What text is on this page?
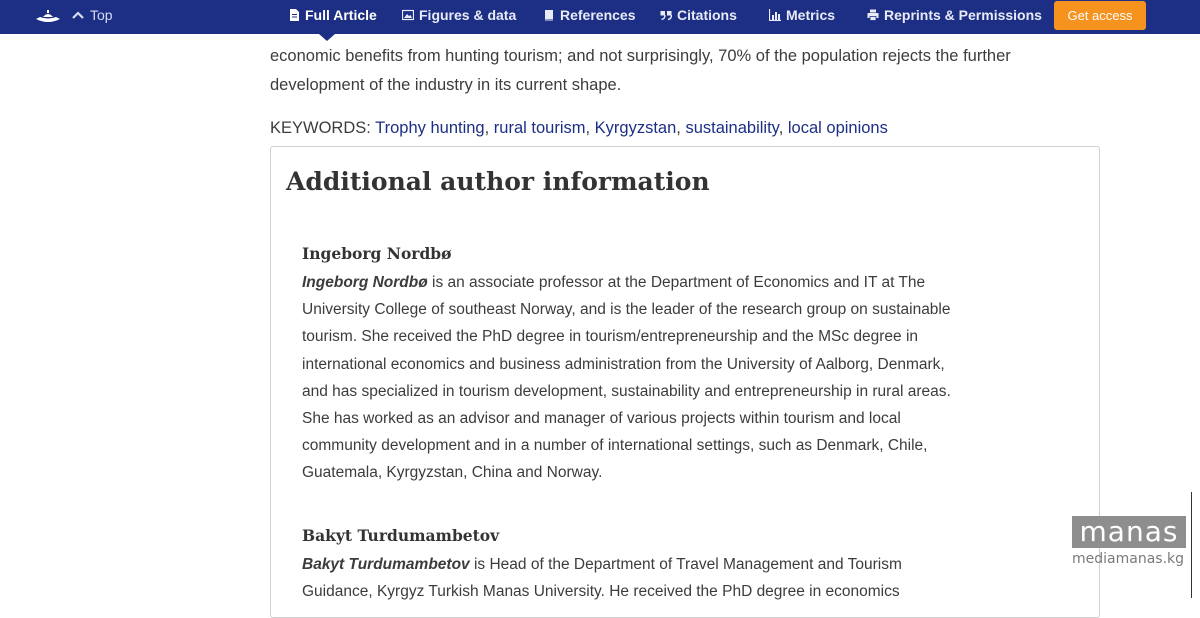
Top	Full Article	Figures & data	References	Citations	Metrics	Reprints & Permissions	Get access

economic benefits from hunting tourism; and not surprisingly, 70% of the population rejects the further development of the industry in its current shape.

KEYWORDS: Trophy hunting, rural tourism, Kyrgyzstan, sustainability, local opinions
Additional author information

Ingeborg Nordbø

Ingeborg Nordbø is an associate professor at the Department of Economics and IT at The University College of southeast Norway, and is the leader of the research group on sustainable tourism. She received the PhD degree in tourism/entrepreneurship and the MSc degree in international economics and business administration from the University of Aalborg, Denmark, and has specialized in tourism development, sustainability and entrepreneurship in rural areas. She has worked as an advisor and manager of various projects within tourism and local community development and in a number of international settings, such as Denmark, Chile, Guatemala, Kyrgyzstan, China and Norway.

Bakyt Turdumambetov

Bakyt Turdumambetov is Head of the Department of Travel Management and Tourism Guidance, Kyrgyz Turkish Manas University. He received the PhD degree in economics

manas
mediamanas.kg
